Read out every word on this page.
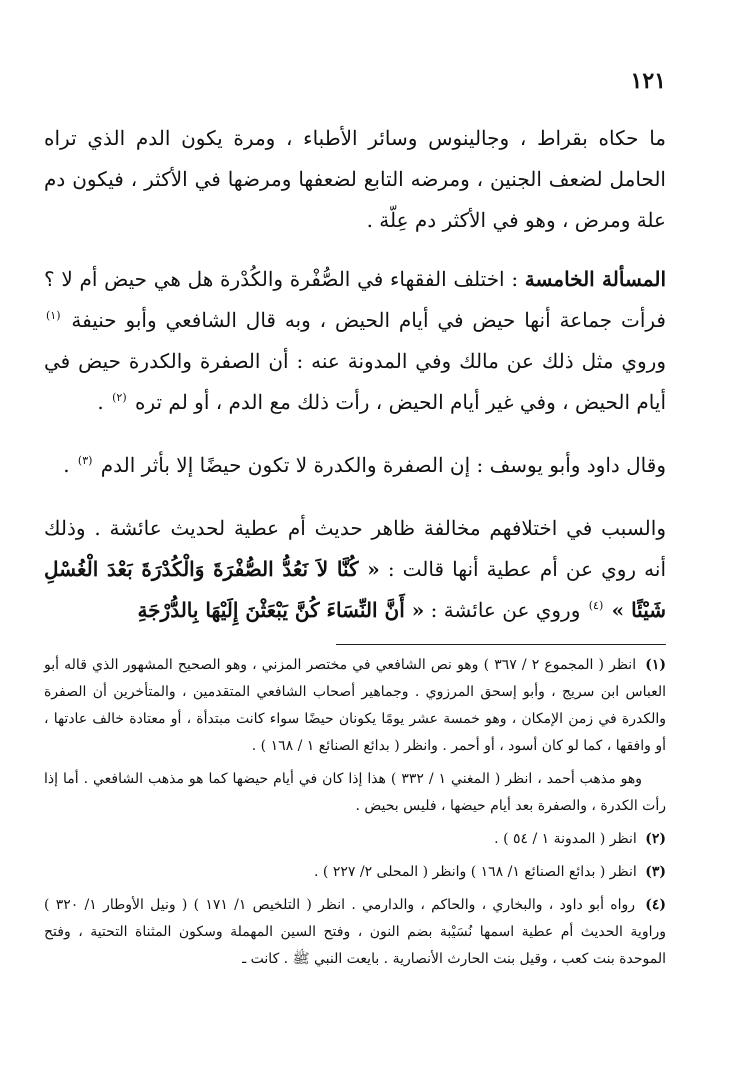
١٢١

ما حكاه بقراط ، وجالينوس وسائر الأطباء ، ومرة يكون الدم الذي تراه الحامل لضعف الجنين ، ومرضه التابع لضعفها ومرضها في الأكثر ، فيكون دم علة ومرض ، وهو في الأكثر دم عِلّة .

المسألة الخامسة : اختلف الفقهاء في الصُّفْرة والكُدْرة هل هي حيض أم لا ؟ فرأت جماعة أنها حيض في أيام الحيض ، وبه قال الشافعي وأبو حنيفة $^{(١)}$ وروي مثل ذلك عن مالك وفي المدونة عنه : أن الصفرة والكدرة حيض في أيام الحيض ، وفي غير أيام الحيض ، رأت ذلك مع الدم ، أو لم تره $^{(٢)}$ .

وقال داود وأبو يوسف : إن الصفرة والكدرة لا تكون حيضًا إلا بأثر الدم $^{(٣)}$ .

والسبب في اختلافهم مخالفة ظاهر حديث أم عطية لحديث عائشة . وذلك أنه روي عن أم عطية أنها قالت : « كُنَّا لاَ نَعُدُّ الصُّفْرَةَ وَالْكُدْرَةَ بَعْدَ الْغُسْلِ شَيْئًا » $^{(٤)}$ وروي عن عائشة : « أَنَّ النِّسَاءَ كُنَّ يَبْعَثْنَ إِلَيْهَا بِالدُّرْجَةِ

(١) انظر ( المجموع ٢ / ٣٦٧ ) وهو نص الشافعي في مختصر المزني ، وهو الصحيح المشهور الذي قاله أبو العباس ابن سريج ، وأبو إسحق المرزوي . وجماهير أصحاب الشافعي المتقدمين ، والمتأخرين أن الصفرة والكدرة في زمن الإمكان ، وهو خمسة عشر يومًا يكونان حيضًا سواء كانت مبتدأة ، أو معتادة خالف عادتها ، أو وافقها ، كما لو كان أسود ، أو أحمر . وانظر ( بدائع الصنائع ١ / ١٦٨ ) .
وهو مذهب أحمد ، انظر ( المغني ١ / ٣٣٢ ) هذا إذا كان في أيام حيضها كما هو مذهب الشافعي . أما إذا رأت الكدرة ، والصفرة بعد أيام حيضها ، فليس بحيض .
(٢) انظر ( المدونة ١ / ٥٤ ) .
(٣) انظر ( بدائع الصنائع ١/ ١٦٨ ) وانظر ( المحلى ٢/ ٢٢٧ ) .
(٤) رواه أبو داود ، والبخاري ، والحاكم ، والدارمي . انظر ( التلخيص ١/ ١٧١ ) ( ونيل الأوطار ١/ ٣٢٠ ) وراوية الحديث أم عطية اسمها نُسَيْبة بضم النون ، وفتح السين المهملة وسكون المثناة التحتية ، وفتح الموحدة بنت كعب ، وقيل بنت الحارث الأنصارية . بايعت النبي ﷺ . كانت ـ
